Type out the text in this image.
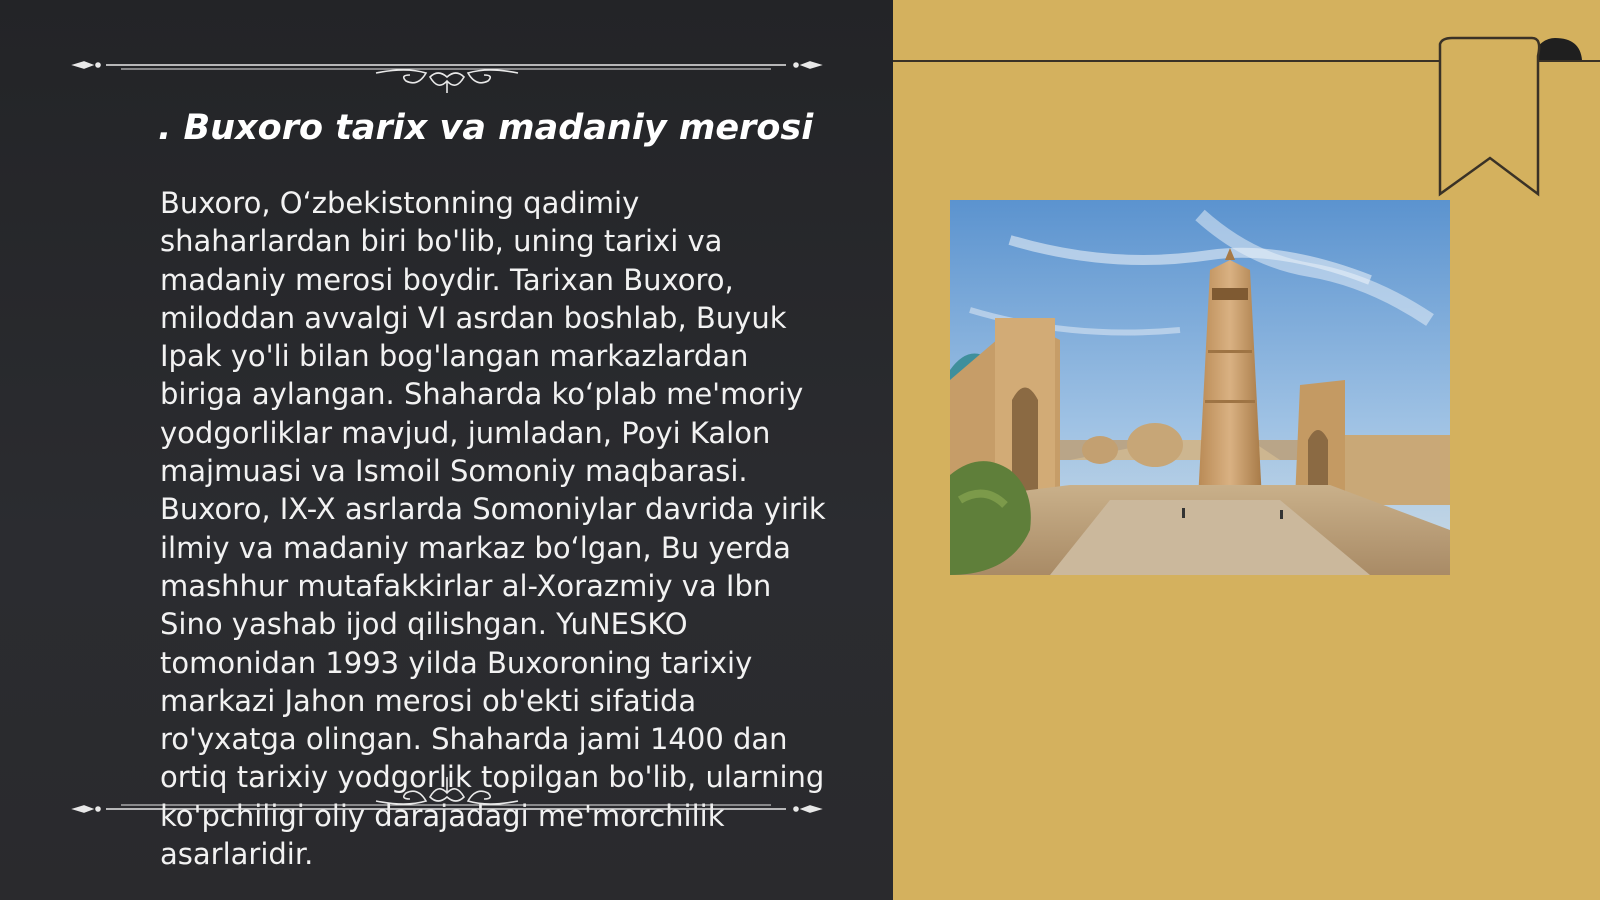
. Buxoro tarix va madaniy merosi

Buxoro, O‘zbekistonning qadimiy shaharlardan biri bo'lib, uning tarixi va madaniy merosi boydir. Tarixan Buxoro, miloddan avvalgi VI asrdan boshlab, Buyuk Ipak yo'li bilan bog'langan markazlardan biriga aylangan. Shaharda ko‘plab me'moriy yodgorliklar mavjud, jumladan, Poyi Kalon majmuasi va Ismoil Somoniy maqbarasi. Buxoro, IX-X asrlarda Somoniylar davrida yirik ilmiy va madaniy markaz bo‘lgan, Bu yerda mashhur mutafakkirlar al-Xorazmiy va Ibn Sino yashab ijod qilishgan. YuNESKO tomonidan 1993 yilda Buxoroning tarixiy markazi Jahon merosi ob'ekti sifatida ro'yxatga olingan. Shaharda jami 1400 dan ortiq tarixiy yodgorlik topilgan bo'lib, ularning ko'pchiligi oliy darajadagi me'morchilik asarlaridir.
